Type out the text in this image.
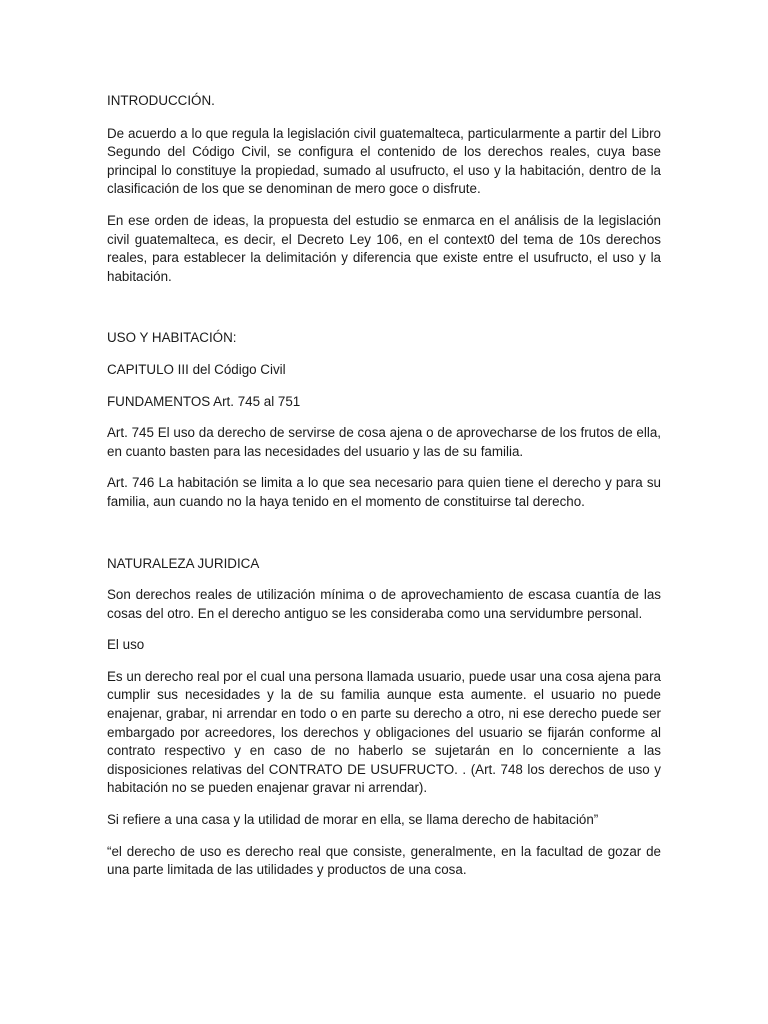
INTRODUCCIÓN.

De acuerdo a lo que regula la legislación civil guatemalteca, particularmente a partir del Libro Segundo del Código Civil, se configura el contenido de los derechos reales, cuya base principal lo constituye la propiedad, sumado al usufructo, el uso y la habitación, dentro de la clasificación de los que se denominan de mero goce o disfrute.

En ese orden de ideas, la propuesta del estudio se enmarca en el análisis de la legislación civil guatemalteca, es decir, el Decreto Ley 106, en el context0 del tema de 10s derechos reales, para establecer la delimitación y diferencia que existe entre el usufructo, el uso y la habitación.

USO Y HABITACIÓN:

CAPITULO III del Código Civil

FUNDAMENTOS Art. 745 al 751

Art. 745 El uso da derecho de servirse de cosa ajena o de aprovecharse de los frutos de ella, en cuanto basten para las necesidades del usuario y las de su familia.

Art. 746 La habitación se limita a lo que sea necesario para quien tiene el derecho y para su familia, aun cuando no la haya tenido en el momento de constituirse tal derecho.

NATURALEZA JURIDICA

Son derechos reales de utilización mínima o de aprovechamiento de escasa cuantía de las cosas del otro. En el derecho antiguo se les consideraba como una servidumbre personal.

El uso

Es un derecho real por el cual una persona llamada usuario, puede usar una cosa ajena para cumplir sus necesidades y la de su familia aunque esta aumente. el usuario no puede enajenar, grabar, ni arrendar en todo o en parte su derecho a otro, ni ese derecho puede ser embargado por acreedores, los derechos y obligaciones del usuario se fijarán conforme al contrato respectivo y en caso de no haberlo se sujetarán en lo concerniente a las disposiciones relativas del CONTRATO DE USUFRUCTO. . (Art. 748 los derechos de uso y habitación no se pueden enajenar gravar ni arrendar).

Si refiere a una casa y la utilidad de morar en ella, se llama derecho de habitación”

“el derecho de uso es derecho real que consiste, generalmente, en la facultad de gozar de una parte limitada de las utilidades y productos de una cosa.
